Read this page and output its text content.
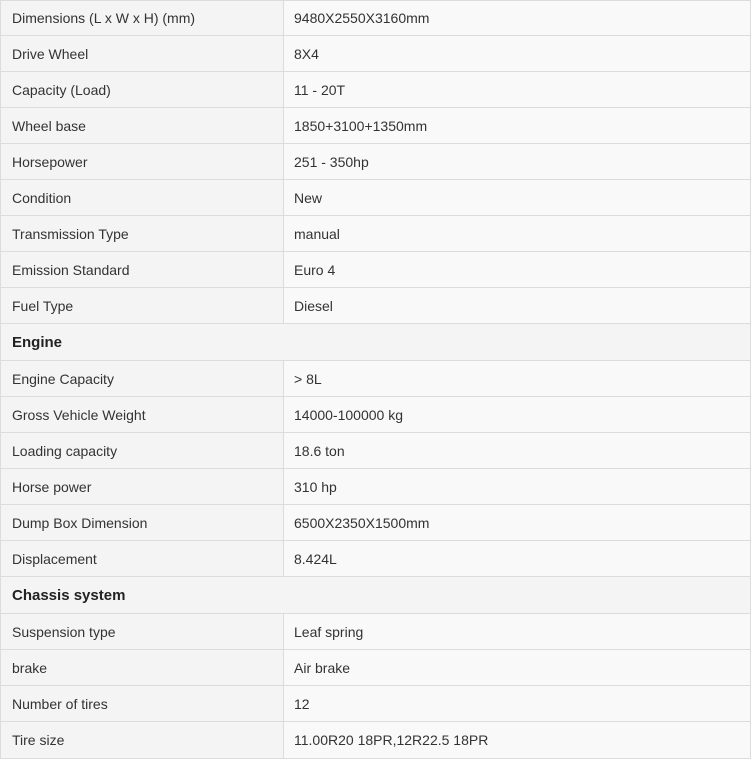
Dimensions (L x W x H) (mm)	9480X2550X3160mm
Drive Wheel	8X4
Capacity (Load)	11 - 20T
Wheel base	1850+3100+1350mm
Horsepower	251 - 350hp
Condition	New
Transmission Type	manual
Emission Standard	Euro 4
Fuel Type	Diesel
Engine	
Engine Capacity	> 8L
Gross Vehicle Weight	14000-100000 kg
Loading capacity	18.6 ton
Horse power	310 hp
Dump Box Dimension	6500X2350X1500mm
Displacement	8.424L
Chassis system	
Suspension type	Leaf spring
brake	Air brake
Number of tires	12
Tire size	11.00R20 18PR,12R22.5 18PR
